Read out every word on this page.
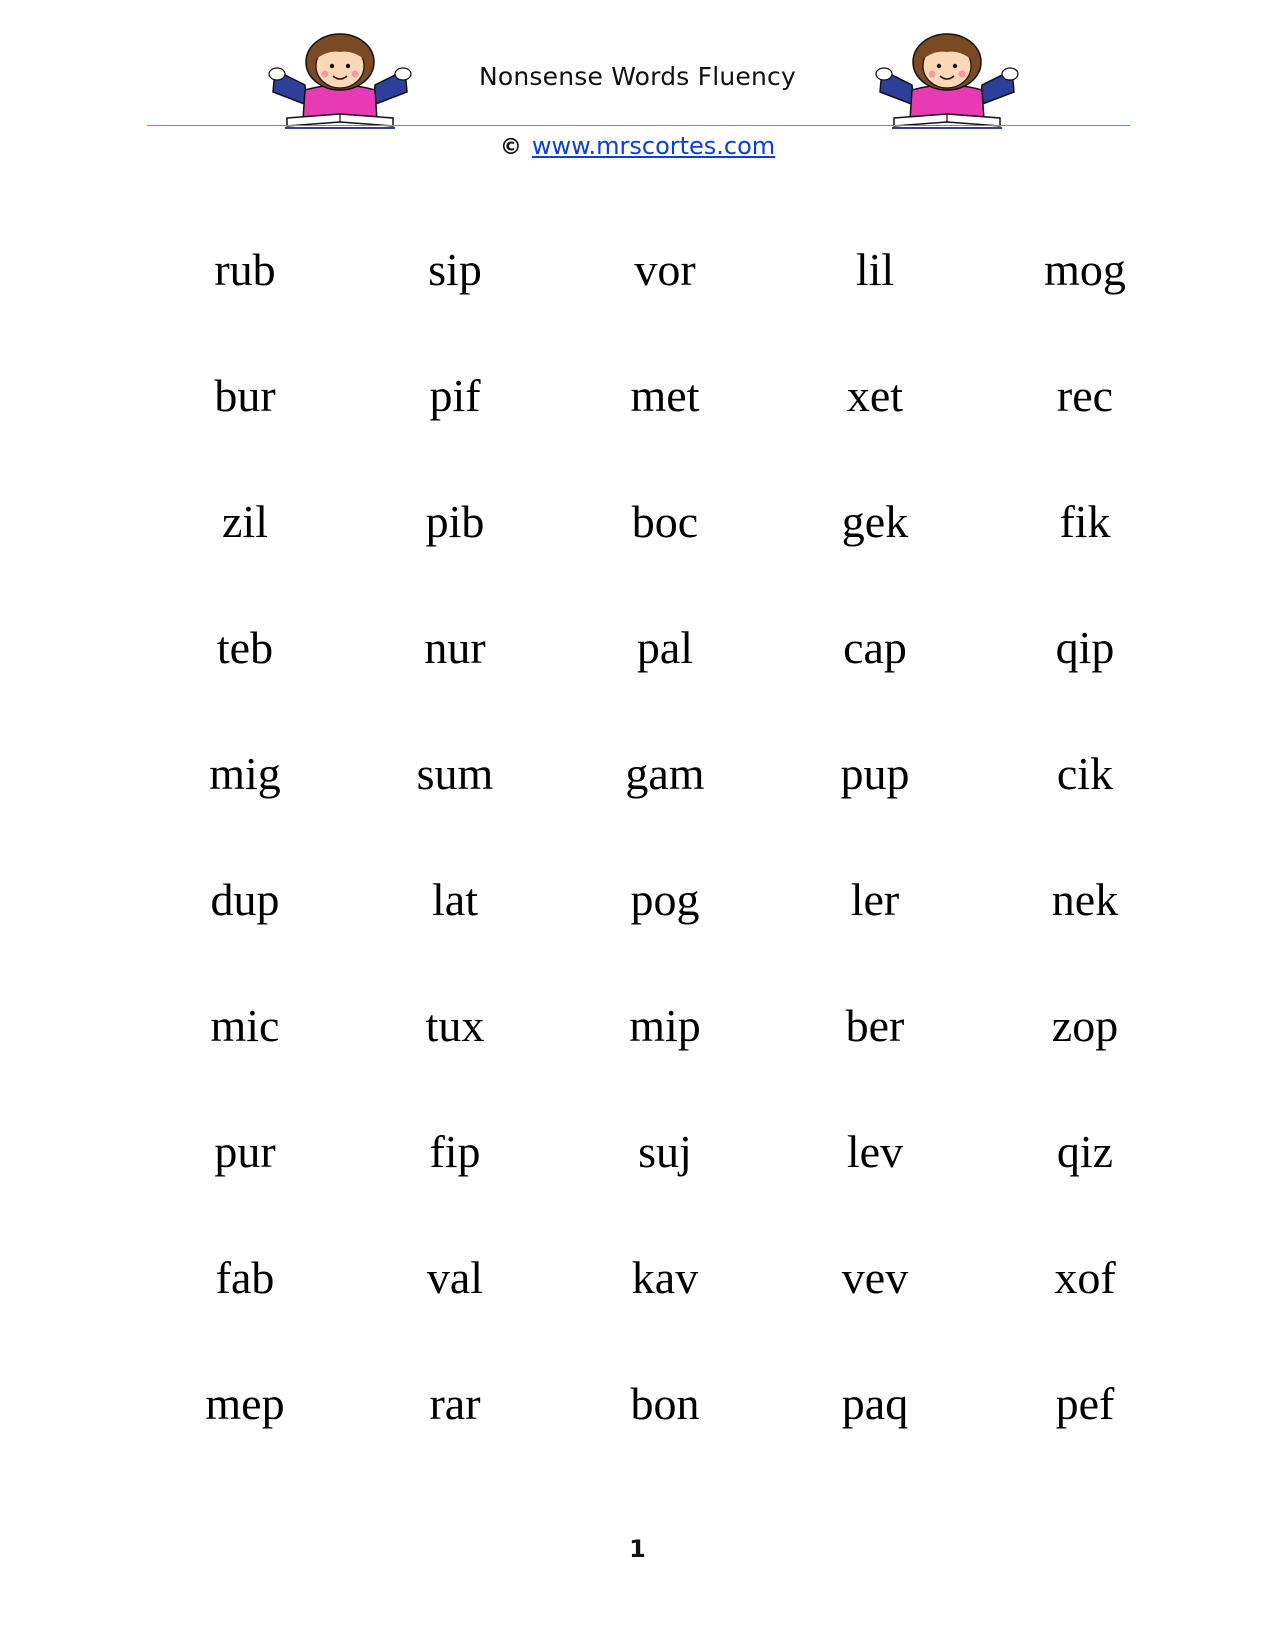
Nonsense Words Fluency
© www.mrscortes.com
rub	sip	vor	lil	mog
bur	pif	met	xet	rec
zil	pib	boc	gek	fik
teb	nur	pal	cap	qip
mig	sum	gam	pup	cik
dup	lat	pog	ler	nek
mic	tux	mip	ber	zop
pur	fip	suj	lev	qiz
fab	val	kav	vev	xof
mep	rar	bon	paq	pef
1
